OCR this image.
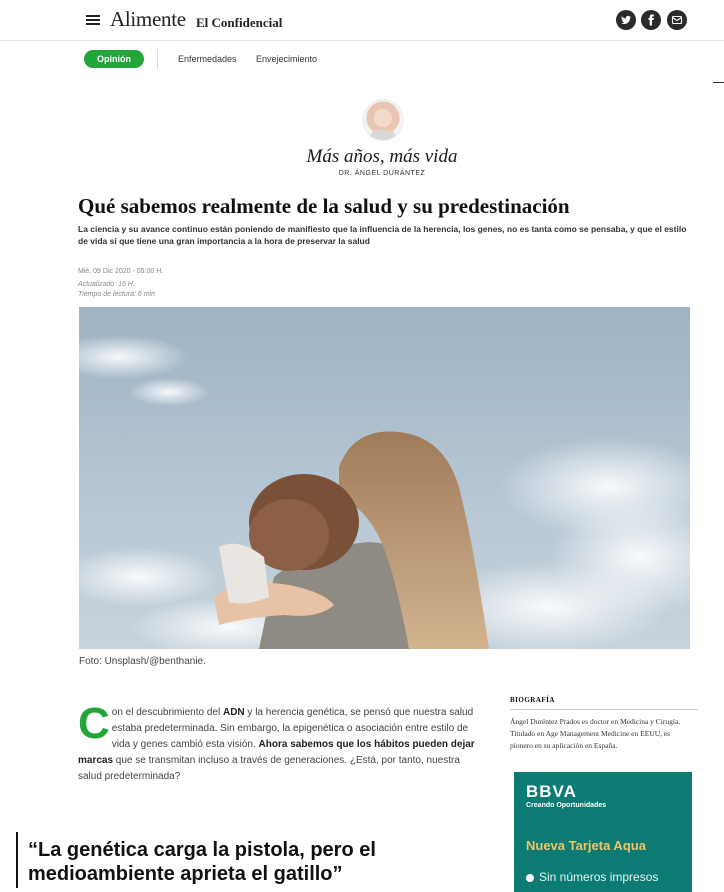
Alimente El Confidencial
Opinión	Enfermedades Envejecimiento
Más años, más vida
DR. ÁNGEL DURÁNTEZ
Qué sabemos realmente de la salud y su predestinación

La ciencia y su avance continuo están poniendo de manifiesto que la influencia de la herencia, los genes, no es tanta como se pensaba, y que el estilo de vida sí que tiene una gran importancia a la hora de preservar la salud

Mié, 09 Dic 2020 - 05:00 H.
Actualizado: 16 H.
Tiempo de lectura: 6 min
Foto: Unsplash/@benthanie.
Con el descubrimiento del ADN y la herencia genética, se pensó que nuestra salud estaba predeterminada. Sin embargo, la epigenética o asociación entre estilo de vida y genes cambió esta visión. Ahora sabemos que los hábitos pueden dejar marcas que se transmitan incluso a través de generaciones. ¿Está, por tanto, nuestra salud predeterminada?

“La genética carga la pistola, pero el medioambiente aprieta el gatillo”

BIOGRAFÍA
Ángel Duréntez Prados es doctor en Medicina y Cirugía. Titulado en Age Management Medicine en EEUU, es pionero en su aplicación en España.
BBVA
Creando Oportunidades
Nueva Tarjeta Aqua
Sin números impresos
